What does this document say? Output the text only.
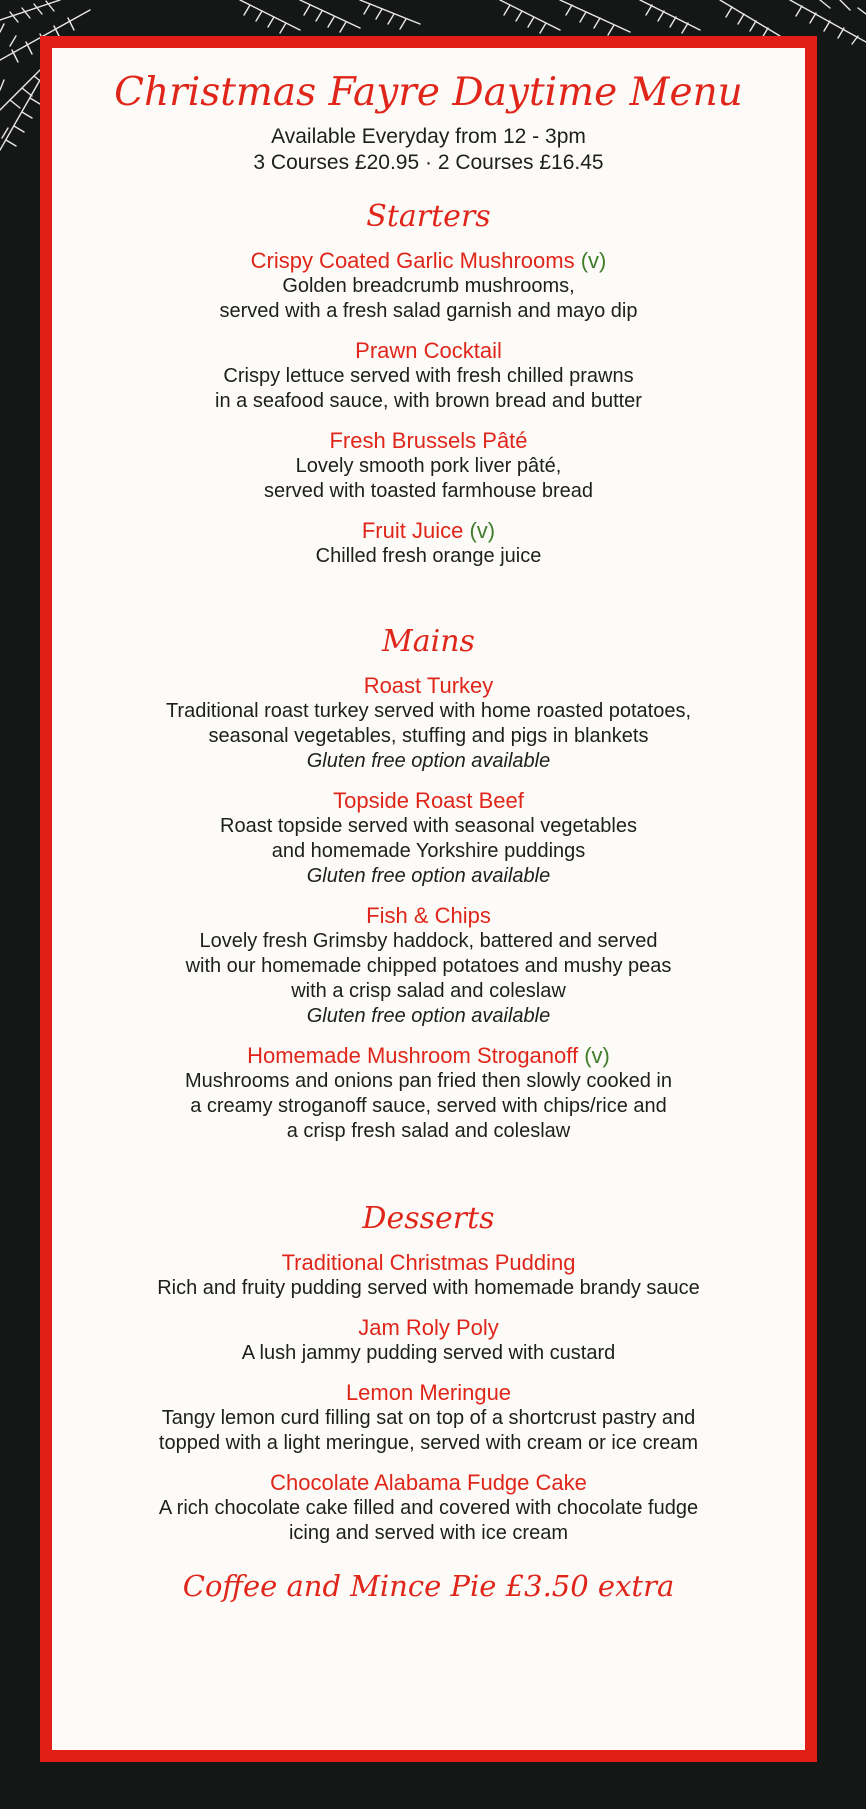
Christmas Fayre Daytime Menu
Available Everyday from 12 - 3pm
3 Courses £20.95 · 2 Courses £16.45
Starters
Crispy Coated Garlic Mushrooms (v)
Golden breadcrumb mushrooms,
served with a fresh salad garnish and mayo dip
Prawn Cocktail
Crispy lettuce served with fresh chilled prawns
in a seafood sauce, with brown bread and butter
Fresh Brussels Pâté
Lovely smooth pork liver pâté,
served with toasted farmhouse bread
Fruit Juice (v)
Chilled fresh orange juice
Mains
Roast Turkey
Traditional roast turkey served with home roasted potatoes,
seasonal vegetables, stuffing and pigs in blankets
Gluten free option available
Topside Roast Beef
Roast topside served with seasonal vegetables
and homemade Yorkshire puddings
Gluten free option available
Fish & Chips
Lovely fresh Grimsby haddock, battered and served
with our homemade chipped potatoes and mushy peas
with a crisp salad and coleslaw
Gluten free option available
Homemade Mushroom Stroganoff (v)
Mushrooms and onions pan fried then slowly cooked in
a creamy stroganoff sauce, served with chips/rice and
a crisp fresh salad and coleslaw
Desserts
Traditional Christmas Pudding
Rich and fruity pudding served with homemade brandy sauce
Jam Roly Poly
A lush jammy pudding served with custard
Lemon Meringue
Tangy lemon curd filling sat on top of a shortcrust pastry and
topped with a light meringue, served with cream or ice cream
Chocolate Alabama Fudge Cake
A rich chocolate cake filled and covered with chocolate fudge
icing and served with ice cream
Coffee and Mince Pie £3.50 extra
